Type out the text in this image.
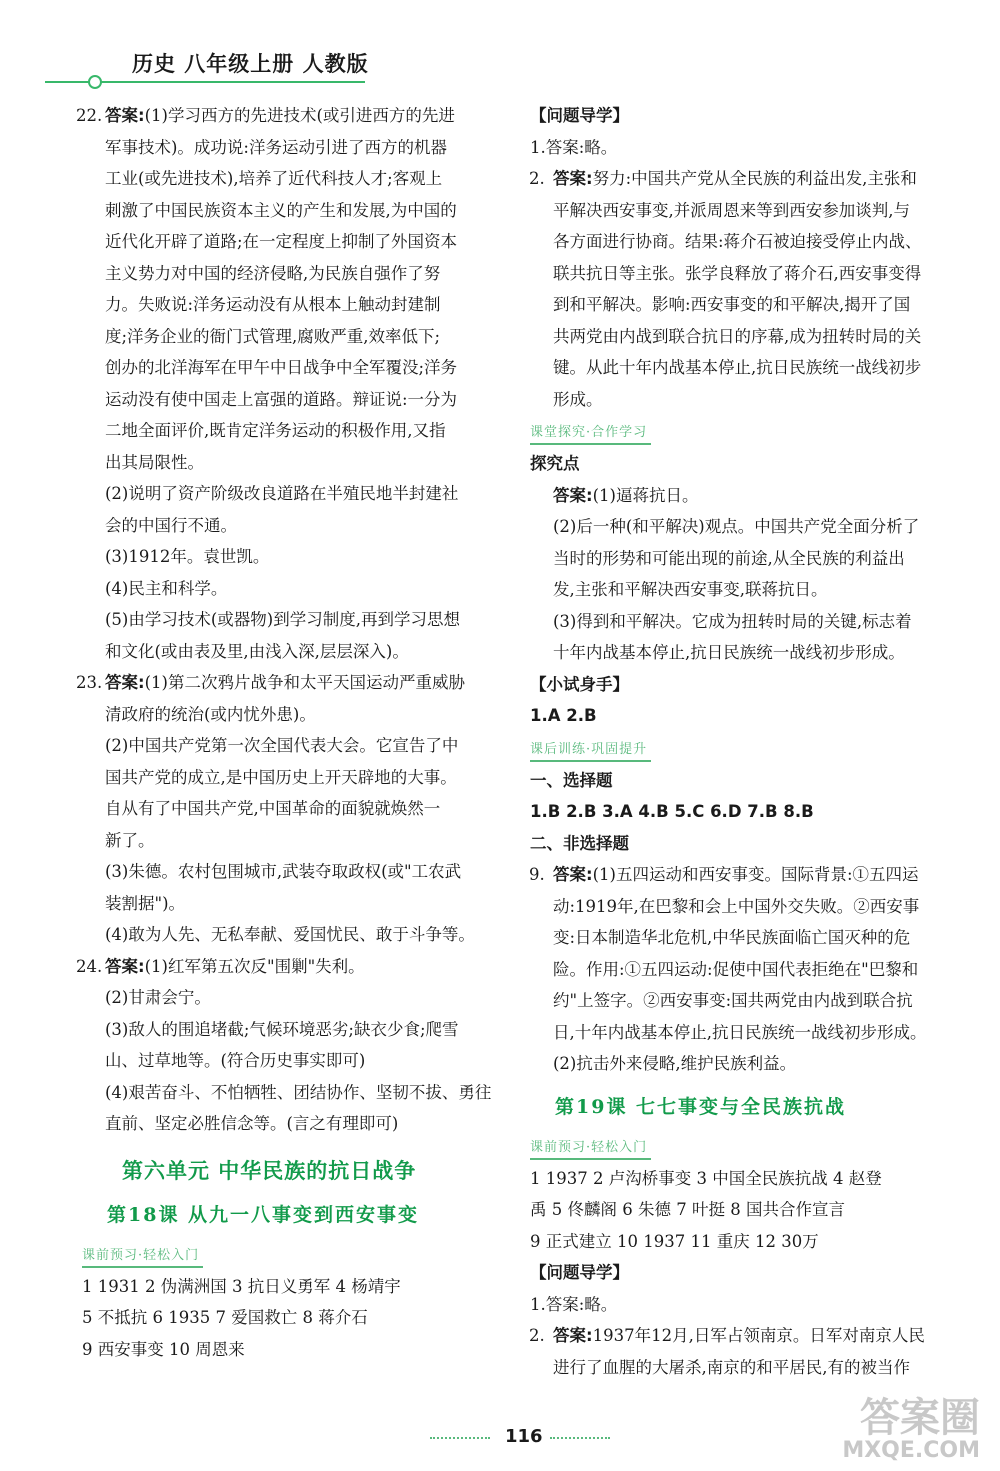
历史 八年级上册 人教版
22. 答案:(1)学习西方的先进技术(或引进西方的先进
军事技术)。成功说:洋务运动引进了西方的机器
工业(或先进技术),培养了近代科技人才;客观上
刺激了中国民族资本主义的产生和发展,为中国的
近代化开辟了道路;在一定程度上抑制了外国资本
主义势力对中国的经济侵略,为民族自强作了努
力。失败说:洋务运动没有从根本上触动封建制
度;洋务企业的衙门式管理,腐败严重,效率低下;
创办的北洋海军在甲午中日战争中全军覆没;洋务
运动没有使中国走上富强的道路。辩证说:一分为
二地全面评价,既肯定洋务运动的积极作用,又指
出其局限性。
(2)说明了资产阶级改良道路在半殖民地半封建社
会的中国行不通。
(3)1912年。袁世凯。
(4)民主和科学。
(5)由学习技术(或器物)到学习制度,再到学习思想
和文化(或由表及里,由浅入深,层层深入)。
23. 答案:(1)第二次鸦片战争和太平天国运动严重威胁
清政府的统治(或内忧外患)。
(2)中国共产党第一次全国代表大会。它宣告了中
国共产党的成立,是中国历史上开天辟地的大事。
自从有了中国共产党,中国革命的面貌就焕然一
新了。
(3)朱德。农村包围城市,武装夺取政权(或"工农武
装割据")。
(4)敢为人先、无私奉献、爱国忧民、敢于斗争等。
24. 答案:(1)红军第五次反"围剿"失利。
(2)甘肃会宁。
(3)敌人的围追堵截;气候环境恶劣;缺衣少食;爬雪
山、过草地等。(符合历史事实即可)
(4)艰苦奋斗、不怕牺牲、团结协作、坚韧不拔、勇往
直前、坚定必胜信念等。(言之有理即可)
第六单元 中华民族的抗日战争
第18课 从九一八事变到西安事变
课前预习·轻松入门
1 1931 2 伪满洲国 3 抗日义勇军 4 杨靖宇
5 不抵抗 6 1935 7 爱国救亡 8 蒋介石
9 西安事变 10 周恩来
【问题导学】
1.答案:略。
2. 答案:努力:中国共产党从全民族的利益出发,主张和
平解决西安事变,并派周恩来等到西安参加谈判,与
各方面进行协商。结果:蒋介石被迫接受停止内战、
联共抗日等主张。张学良释放了蒋介石,西安事变得
到和平解决。影响:西安事变的和平解决,揭开了国
共两党由内战到联合抗日的序幕,成为扭转时局的关
键。从此十年内战基本停止,抗日民族统一战线初步
形成。
课堂探究·合作学习
探究点
答案:(1)逼蒋抗日。
(2)后一种(和平解决)观点。中国共产党全面分析了
当时的形势和可能出现的前途,从全民族的利益出
发,主张和平解决西安事变,联蒋抗日。
(3)得到和平解决。它成为扭转时局的关键,标志着
十年内战基本停止,抗日民族统一战线初步形成。
【小试身手】
1.A 2.B
课后训练·巩固提升
一、选择题
1.B 2.B 3.A 4.B 5.C 6.D 7.B 8.B
二、非选择题
9. 答案:(1)五四运动和西安事变。国际背景:①五四运
动:1919年,在巴黎和会上中国外交失败。②西安事
变:日本制造华北危机,中华民族面临亡国灭种的危
险。作用:①五四运动:促使中国代表拒绝在"巴黎和
约"上签字。②西安事变:国共两党由内战到联合抗
日,十年内战基本停止,抗日民族统一战线初步形成。
(2)抗击外来侵略,维护民族利益。
第19课 七七事变与全民族抗战
课前预习·轻松入门
1 1937 2 卢沟桥事变 3 中国全民族抗战 4 赵登
禹 5 佟麟阁 6 朱德 7 叶挺 8 国共合作宣言
9 正式建立 10 1937 11 重庆 12 30万
【问题导学】
1.答案:略。
2. 答案:1937年12月,日军占领南京。日军对南京人民
进行了血腥的大屠杀,南京的和平居民,有的被当作
116	答案圈
MXQE.COM
